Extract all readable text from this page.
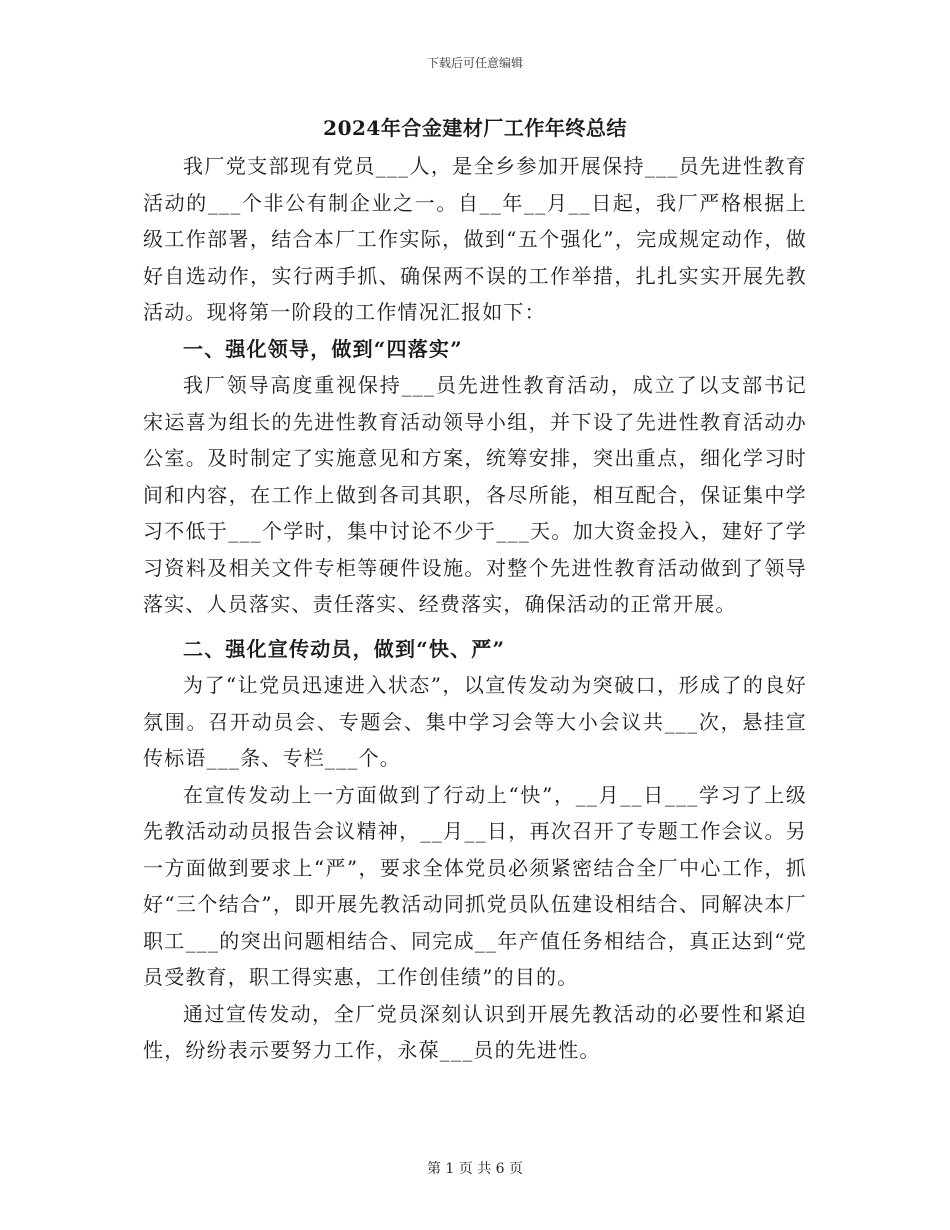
下载后可任意编辑
2024年合金建材厂工作年终总结

我厂党支部现有党员___人，是全乡参加开展保持___员先进性教育活动的___个非公有制企业之一。自__年__月__日起，我厂严格根据上级工作部署，结合本厂工作实际，做到“五个强化”，完成规定动作，做好自选动作，实行两手抓、确保两不误的工作举措，扎扎实实开展先教活动。现将第一阶段的工作情况汇报如下：

一、强化领导，做到“四落实”

我厂领导高度重视保持___员先进性教育活动，成立了以支部书记宋运喜为组长的先进性教育活动领导小组，并下设了先进性教育活动办公室。及时制定了实施意见和方案，统筹安排，突出重点，细化学习时间和内容，在工作上做到各司其职，各尽所能，相互配合，保证集中学习不低于___个学时，集中讨论不少于___天。加大资金投入，建好了学习资料及相关文件专柜等硬件设施。对整个先进性教育活动做到了领导落实、人员落实、责任落实、经费落实，确保活动的正常开展。

二、强化宣传动员，做到“快、严”

为了“让党员迅速进入状态”，以宣传发动为突破口，形成了的良好氛围。召开动员会、专题会、集中学习会等大小会议共___次，悬挂宣传标语___条、专栏___个。

在宣传发动上一方面做到了行动上“快”，__月__日___学习了上级先教活动动员报告会议精神，__月__日，再次召开了专题工作会议。另一方面做到要求上“严”，要求全体党员必须紧密结合全厂中心工作，抓好“三个结合”，即开展先教活动同抓党员队伍建设相结合、同解决本厂职工___的突出问题相结合、同完成__年产值任务相结合，真正达到“党员受教育，职工得实惠，工作创佳绩”的目的。

通过宣传发动，全厂党员深刻认识到开展先教活动的必要性和紧迫性，纷纷表示要努力工作，永葆___员的先进性。

第 1 页 共 6 页
